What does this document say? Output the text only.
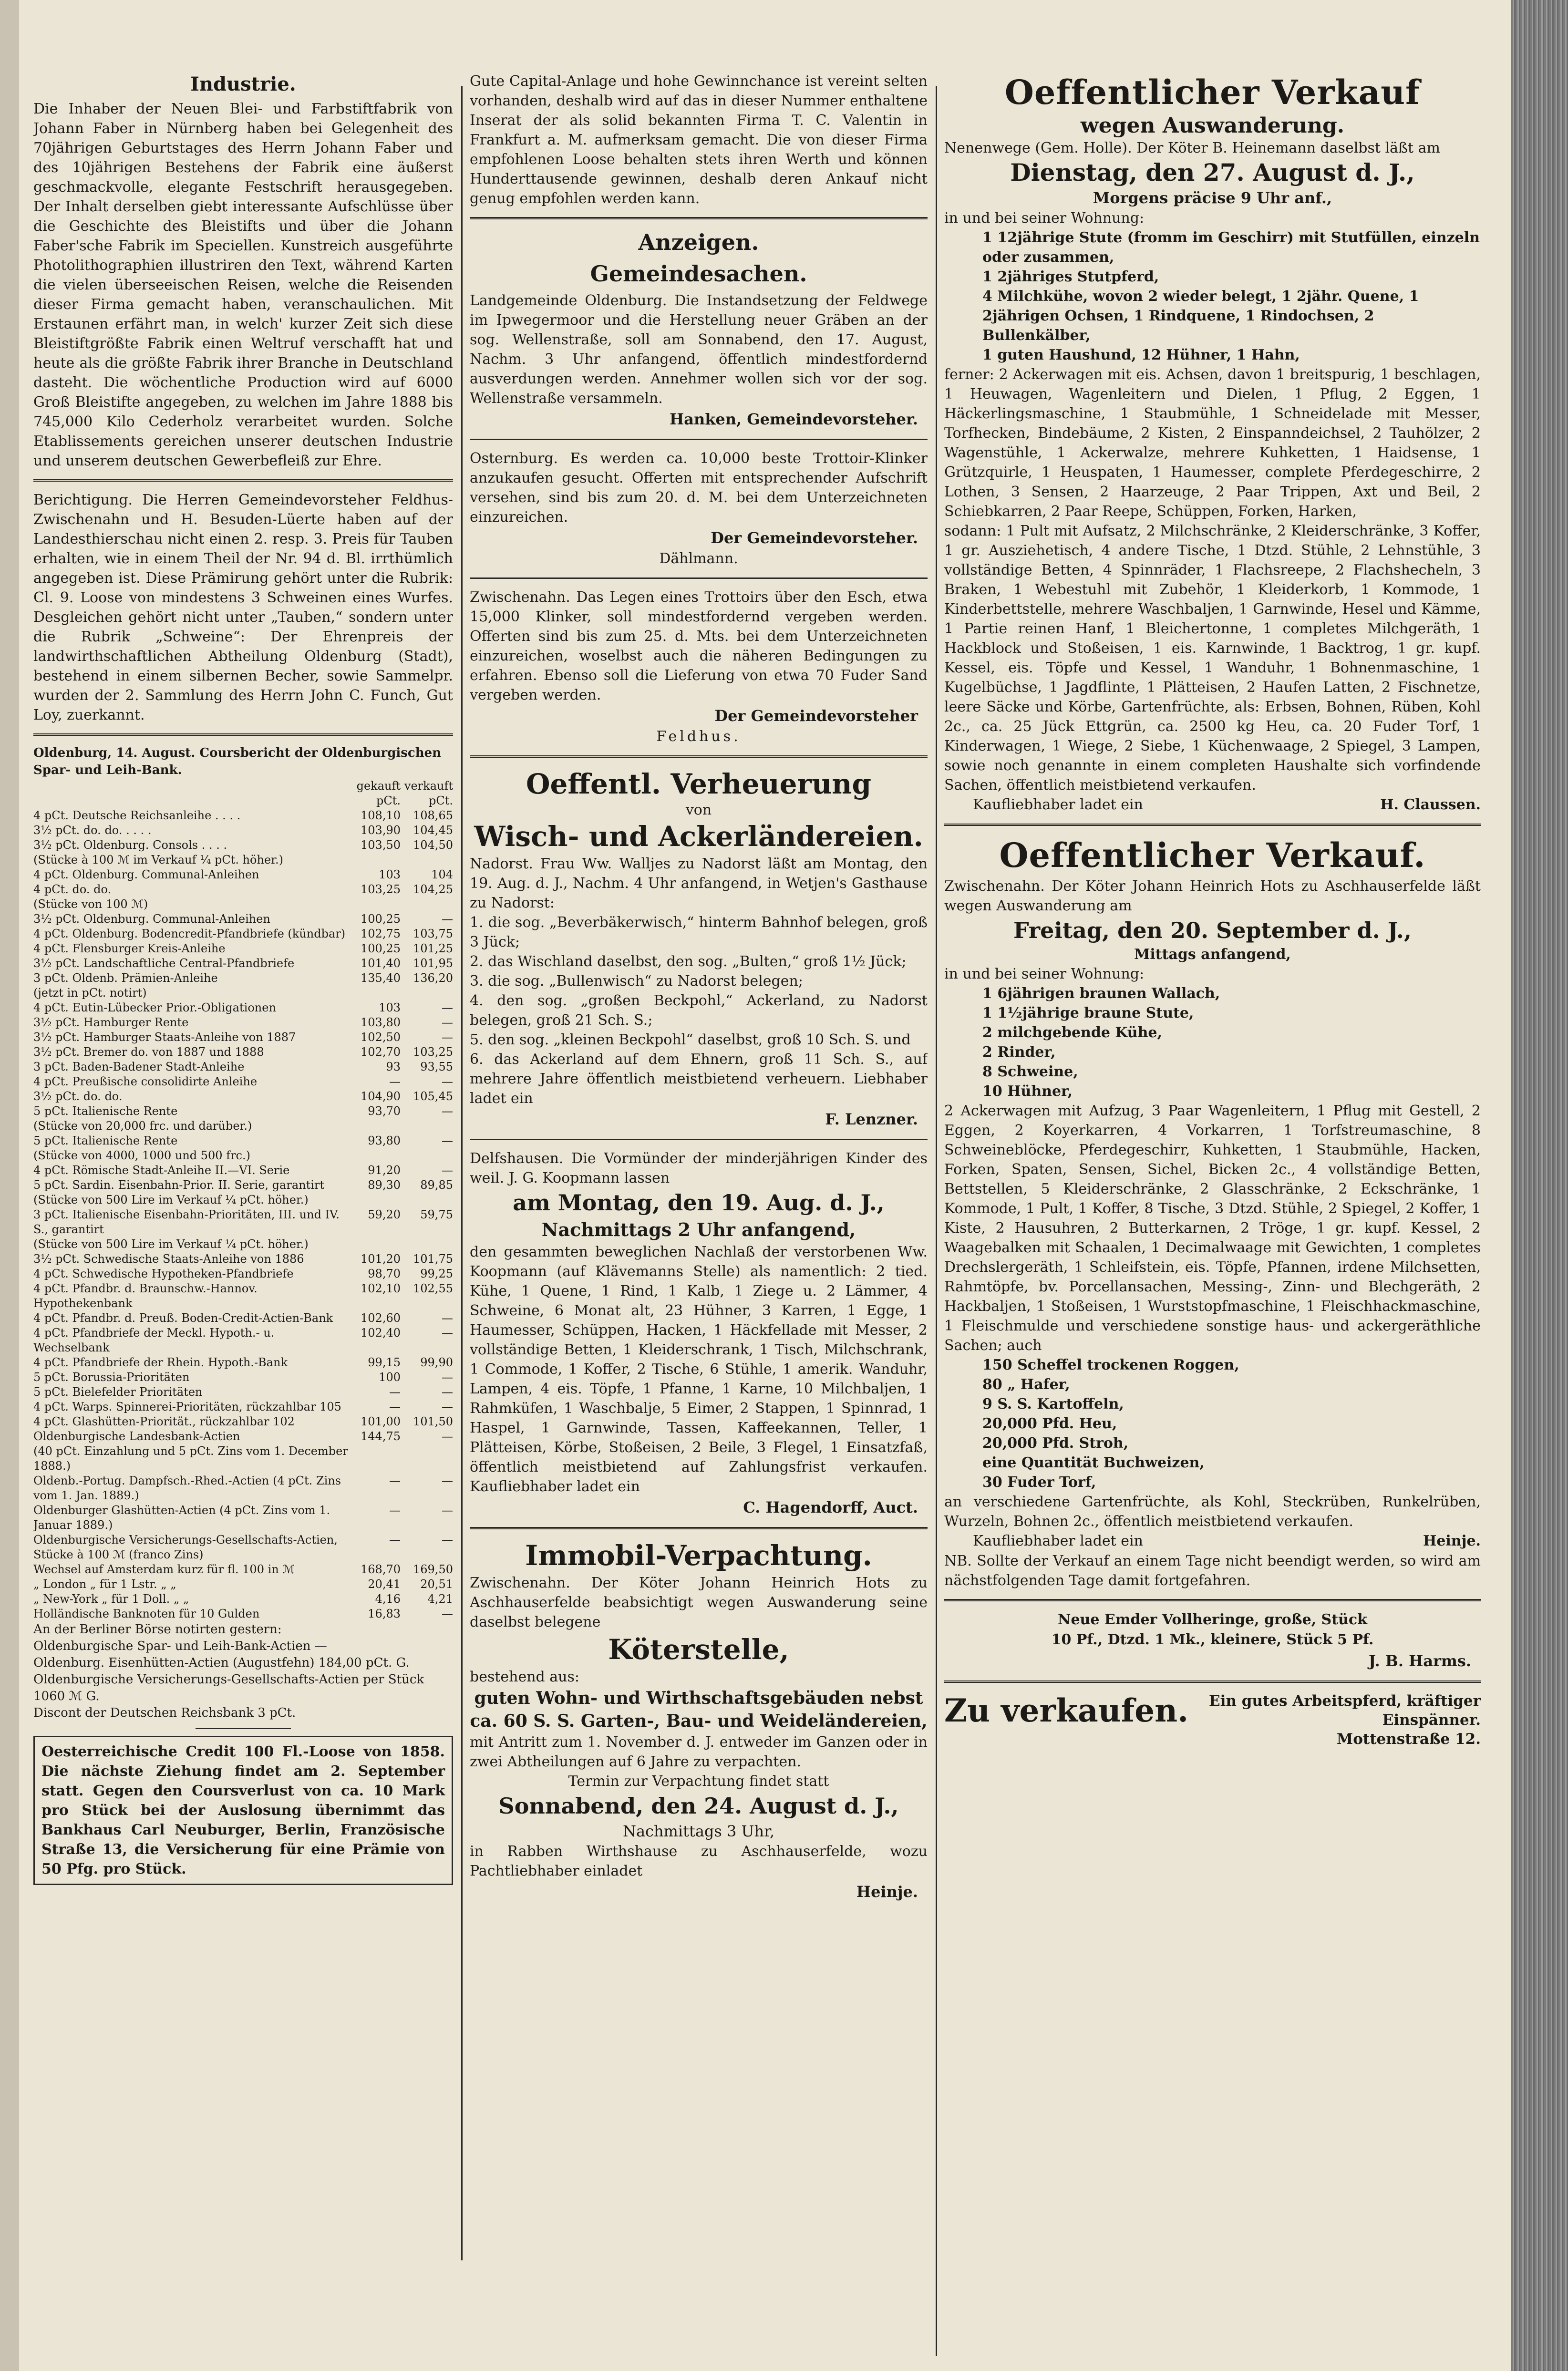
Industrie.

Die Inhaber der Neuen Blei- und Farbstiftfabrik von Johann Faber in Nürnberg haben bei Gelegenheit des 70jährigen Geburtstages des Herrn Johann Faber und des 10jährigen Bestehens der Fabrik eine äußerst geschmackvolle, elegante Festschrift herausgegeben. Der Inhalt derselben giebt interessante Aufschlüsse über die Geschichte des Bleistifts und über die Johann Faber'sche Fabrik im Speciellen. Kunstreich ausgeführte Photolithographien illustriren den Text, während Karten die vielen überseeischen Reisen, welche die Reisenden dieser Firma gemacht haben, veranschaulichen. Mit Erstaunen erfährt man, in welch' kurzer Zeit sich diese Bleistiftgrößte Fabrik einen Weltruf verschafft hat und heute als die größte Fabrik ihrer Branche in Deutschland dasteht. Die wöchentliche Production wird auf 6000 Groß Bleistifte angegeben, zu welchen im Jahre 1888 bis 745,000 Kilo Cederholz verarbeitet wurden. Solche Etablissements gereichen unserer deutschen Industrie und unserem deutschen Gewerbefleiß zur Ehre.

Berichtigung. Die Herren Gemeindevorsteher Feldhus-Zwischenahn und H. Besuden-Lüerte haben auf der Landesthierschau nicht einen 2. resp. 3. Preis für Tauben erhalten, wie in einem Theil der Nr. 94 d. Bl. irrthümlich angegeben ist. Diese Prämirung gehört unter die Rubrik: Cl. 9. Loose von mindestens 3 Schweinen eines Wurfes. Desgleichen gehört nicht unter „Tauben,“ sondern unter die Rubrik „Schweine“: Der Ehrenpreis der landwirthschaftlichen Abtheilung Oldenburg (Stadt), bestehend in einem silbernen Becher, sowie Sammelpr. wurden der 2. Sammlung des Herrn John C. Funch, Gut Loy, zuerkannt.

Oldenburg, 14. August. Coursbericht der Oldenburgischen Spar- und Leih-Bank.
	gekauft	verkauft
	pCt.	pCt.
4 pCt. Deutsche Reichsanleihe . . . .	108,10	108,65
3½ pCt. do. do. . . . .	103,90	104,45
3½ pCt. Oldenburg. Consols . . . .	103,50	104,50
(Stücke à 100 ℳ im Verkauf ¼ pCt. höher.)		
4 pCt. Oldenburg. Communal-Anleihen	103	104
4 pCt. do. do.	103,25	104,25
(Stücke von 100 ℳ)		
3½ pCt. Oldenburg. Communal-Anleihen	100,25	—
4 pCt. Oldenburg. Bodencredit-Pfandbriefe (kündbar)	102,75	103,75
4 pCt. Flensburger Kreis-Anleihe	100,25	101,25
3½ pCt. Landschaftliche Central-Pfandbriefe	101,40	101,95
3 pCt. Oldenb. Prämien-Anleihe	135,40	136,20
(jetzt in pCt. notirt)		
4 pCt. Eutin-Lübecker Prior.-Obligationen	103	—
3½ pCt. Hamburger Rente	103,80	—
3½ pCt. Hamburger Staats-Anleihe von 1887	102,50	—
3½ pCt. Bremer do. von 1887 und 1888	102,70	103,25
3 pCt. Baden-Badener Stadt-Anleihe	93	93,55
4 pCt. Preußische consolidirte Anleihe	—	—
3½ pCt. do. do.	104,90	105,45
5 pCt. Italienische Rente	93,70	—
(Stücke von 20,000 frc. und darüber.)		
5 pCt. Italienische Rente	93,80	—
(Stücke von 4000, 1000 und 500 frc.)		
4 pCt. Römische Stadt-Anleihe II.—VI. Serie	91,20	—
5 pCt. Sardin. Eisenbahn-Prior. II. Serie, garantirt	89,30	89,85
(Stücke von 500 Lire im Verkauf ¼ pCt. höher.)		
3 pCt. Italienische Eisenbahn-Prioritäten, III. und IV. S., garantirt	59,20	59,75
(Stücke von 500 Lire im Verkauf ¼ pCt. höher.)		
3½ pCt. Schwedische Staats-Anleihe von 1886	101,20	101,75
4 pCt. Schwedische Hypotheken-Pfandbriefe	98,70	99,25
4 pCt. Pfandbr. d. Braunschw.-Hannov. Hypothekenbank	102,10	102,55
4 pCt. Pfandbr. d. Preuß. Boden-Credit-Actien-Bank	102,60	—
4 pCt. Pfandbriefe der Meckl. Hypoth.- u. Wechselbank	102,40	—
4 pCt. Pfandbriefe der Rhein. Hypoth.-Bank	99,15	99,90
5 pCt. Borussia-Prioritäten	100	—
5 pCt. Bielefelder Prioritäten	—	—
4 pCt. Warps. Spinnerei-Prioritäten, rückzahlbar 105	—	—
4 pCt. Glashütten-Priorität., rückzahlbar 102	101,00	101,50
Oldenburgische Landesbank-Actien	144,75	—
(40 pCt. Einzahlung und 5 pCt. Zins vom 1. December 1888.)		
Oldenb.-Portug. Dampfsch.-Rhed.-Actien (4 pCt. Zins vom 1. Jan. 1889.)	—	—
Oldenburger Glashütten-Actien (4 pCt. Zins vom 1. Januar 1889.)	—	—
Oldenburgische Versicherungs-Gesellschafts-Actien, Stücke à 100 ℳ (franco Zins)	—	—
Wechsel auf Amsterdam kurz für fl. 100 in ℳ	168,70	169,50
„ London „ für 1 Lstr. „ „	20,41	20,51
„ New-York „ für 1 Doll. „ „	4,16	4,21
Holländische Banknoten für 10 Gulden	16,83	—
An der Berliner Börse notirten gestern:
Oldenburgische Spar- und Leih-Bank-Actien —
Oldenburg. Eisenhütten-Actien (Augustfehn) 184,00 pCt. G.
Oldenburgische Versicherungs-Gesellschafts-Actien per Stück 1060 ℳ G.
Discont der Deutschen Reichsbank 3 pCt.

Oesterreichische Credit 100 Fl.-Loose von 1858. Die nächste Ziehung findet am 2. September statt. Gegen den Coursverlust von ca. 10 Mark pro Stück bei der Auslosung übernimmt das Bankhaus Carl Neuburger, Berlin, Französische Straße 13, die Versicherung für eine Prämie von 50 Pfg. pro Stück.

Gute Capital-Anlage und hohe Gewinnchance ist vereint selten vorhanden, deshalb wird auf das in dieser Nummer enthaltene Inserat der als solid bekannten Firma T. C. Valentin in Frankfurt a. M. aufmerksam gemacht. Die von dieser Firma empfohlenen Loose behalten stets ihren Werth und können Hunderttausende gewinnen, deshalb deren Ankauf nicht genug empfohlen werden kann.

Anzeigen.
Gemeindesachen.

Landgemeinde Oldenburg. Die Instandsetzung der Feldwege im Ipwegermoor und die Herstellung neuer Gräben an der sog. Wellenstraße, soll am Sonnabend, den 17. August, Nachm. 3 Uhr anfangend, öffentlich mindestfordernd ausverdungen werden. Annehmer wollen sich vor der sog. Wellenstraße versammeln.

Hanken, Gemeindevorsteher.

Osternburg. Es werden ca. 10,000 beste Trottoir-Klinker anzukaufen gesucht. Offerten mit entsprechender Aufschrift versehen, sind bis zum 20. d. M. bei dem Unterzeichneten einzureichen.

Der Gemeindevorsteher.
Dählmann.

Zwischenahn. Das Legen eines Trottoirs über den Esch, etwa 15,000 Klinker, soll mindestfordernd vergeben werden. Offerten sind bis zum 25. d. Mts. bei dem Unterzeichneten einzureichen, woselbst auch die näheren Bedingungen zu erfahren. Ebenso soll die Lieferung von etwa 70 Fuder Sand vergeben werden.

Der Gemeindevorsteher
Feldhus.
Oeffentl. Verheuerung
von
Wisch- und Ackerländereien.

Nadorst. Frau Ww. Walljes zu Nadorst läßt am Montag, den 19. Aug. d. J., Nachm. 4 Uhr anfangend, in Wetjen's Gasthause zu Nadorst:

1. die sog. „Beverbäkerwisch,“ hinterm Bahnhof belegen, groß 3 Jück;

2. das Wischland daselbst, den sog. „Bulten,“ groß 1½ Jück;

3. die sog. „Bullenwisch“ zu Nadorst belegen;

4. den sog. „großen Beckpohl,“ Ackerland, zu Nadorst belegen, groß 21 Sch. S.;

5. den sog. „kleinen Beckpohl“ daselbst, groß 10 Sch. S. und

6. das Ackerland auf dem Ehnern, groß 11 Sch. S., auf mehrere Jahre öffentlich meistbietend verheuern. Liebhaber ladet ein

F. Lenzner.

Delfshausen. Die Vormünder der minderjährigen Kinder des weil. J. G. Koopmann lassen

am Montag, den 19. Aug. d. J.,
Nachmittags 2 Uhr anfangend,

den gesammten beweglichen Nachlaß der verstorbenen Ww. Koopmann (auf Klävemanns Stelle) als namentlich: 2 tied. Kühe, 1 Quene, 1 Rind, 1 Kalb, 1 Ziege u. 2 Lämmer, 4 Schweine, 6 Monat alt, 23 Hühner, 3 Karren, 1 Egge, 1 Haumesser, Schüppen, Hacken, 1 Häckfellade mit Messer, 2 vollständige Betten, 1 Kleiderschrank, 1 Tisch, Milchschrank, 1 Commode, 1 Koffer, 2 Tische, 6 Stühle, 1 amerik. Wanduhr, Lampen, 4 eis. Töpfe, 1 Pfanne, 1 Karne, 10 Milchbaljen, 1 Rahmküfen, 1 Waschbalje, 5 Eimer, 2 Stappen, 1 Spinnrad, 1 Haspel, 1 Garnwinde, Tassen, Kaffeekannen, Teller, 1 Plätteisen, Körbe, Stoßeisen, 2 Beile, 3 Flegel, 1 Einsatzfaß, öffentlich meistbietend auf Zahlungsfrist verkaufen. Kaufliebhaber ladet ein

C. Hagendorff, Auct.
Immobil-Verpachtung.

Zwischenahn. Der Köter Johann Heinrich Hots zu Aschhauserfelde beabsichtigt wegen Auswanderung seine daselbst belegene

Köterstelle,

bestehend aus:

guten Wohn- und Wirthschaftsgebäuden nebst ca. 60 S. S. Garten-, Bau- und Weideländereien,

mit Antritt zum 1. November d. J. entweder im Ganzen oder in zwei Abtheilungen auf 6 Jahre zu verpachten.

Termin zur Verpachtung findet statt

Sonnabend, den 24. August d. J.,
Nachmittags 3 Uhr,

in Rabben Wirthshause zu Aschhauserfelde, wozu Pachtliebhaber einladet

Heinje.
Oeffentlicher Verkauf
wegen Auswanderung.

Nenenwege (Gem. Holle). Der Köter B. Heinemann daselbst läßt am

Dienstag, den 27. August d. J.,
Morgens präcise 9 Uhr anf.,

in und bei seiner Wohnung:

1 12jährige Stute (fromm im Geschirr) mit Stutfüllen, einzeln oder zusammen,

1 2jähriges Stutpferd,

4 Milchkühe, wovon 2 wieder belegt, 1 2jähr. Quene, 1 2jährigen Ochsen, 1 Rindquene, 1 Rindochsen, 2 Bullenkälber,

1 guten Haushund, 12 Hühner, 1 Hahn,

ferner: 2 Ackerwagen mit eis. Achsen, davon 1 breitspurig, 1 beschlagen, 1 Heuwagen, Wagenleitern und Dielen, 1 Pflug, 2 Eggen, 1 Häckerlingsmaschine, 1 Staubmühle, 1 Schneidelade mit Messer, Torfhecken, Bindebäume, 2 Kisten, 2 Einspanndeichsel, 2 Tauhölzer, 2 Wagenstühle, 1 Ackerwalze, mehrere Kuhketten, 1 Haidsense, 1 Grützquirle, 1 Heuspaten, 1 Haumesser, complete Pferdegeschirre, 2 Lothen, 3 Sensen, 2 Haarzeuge, 2 Paar Trippen, Axt und Beil, 2 Schiebkarren, 2 Paar Reepe, Schüppen, Forken, Harken,

sodann: 1 Pult mit Aufsatz, 2 Milchschränke, 2 Kleiderschränke, 3 Koffer, 1 gr. Ausziehetisch, 4 andere Tische, 1 Dtzd. Stühle, 2 Lehnstühle, 3 vollständige Betten, 4 Spinnräder, 1 Flachsreepe, 2 Flachshecheln, 3 Braken, 1 Webestuhl mit Zubehör, 1 Kleiderkorb, 1 Kommode, 1 Kinderbettstelle, mehrere Waschbaljen, 1 Garnwinde, Hesel und Kämme, 1 Partie reinen Hanf, 1 Bleichertonne, 1 completes Milchgeräth, 1 Hackblock und Stoßeisen, 1 eis. Karnwinde, 1 Backtrog, 1 gr. kupf. Kessel, eis. Töpfe und Kessel, 1 Wanduhr, 1 Bohnenmaschine, 1 Kugelbüchse, 1 Jagdflinte, 1 Plätteisen, 2 Haufen Latten, 2 Fischnetze, leere Säcke und Körbe, Gartenfrüchte, als: Erbsen, Bohnen, Rüben, Kohl 2c., ca. 25 Jück Ettgrün, ca. 2500 kg Heu, ca. 20 Fuder Torf, 1 Kinderwagen, 1 Wiege, 2 Siebe, 1 Küchenwaage, 2 Spiegel, 3 Lampen, sowie noch genannte in einem completen Haushalte sich vorfindende Sachen, öffentlich meistbietend verkaufen.

Kaufliebhaber ladet ein	H. Claussen.
Oeffentlicher Verkauf.

Zwischenahn. Der Köter Johann Heinrich Hots zu Aschhauserfelde läßt wegen Auswanderung am

Freitag, den 20. September d. J.,
Mittags anfangend,

in und bei seiner Wohnung:

1 6jährigen braunen Wallach,

1 1½jährige braune Stute,

2 milchgebende Kühe,

2 Rinder,

8 Schweine,

10 Hühner,

2 Ackerwagen mit Aufzug, 3 Paar Wagenleitern, 1 Pflug mit Gestell, 2 Eggen, 2 Koyerkarren, 4 Vorkarren, 1 Torfstreumaschine, 8 Schweineblöcke, Pferdegeschirr, Kuhketten, 1 Staubmühle, Hacken, Forken, Spaten, Sensen, Sichel, Bicken 2c., 4 vollständige Betten, Bettstellen, 5 Kleiderschränke, 2 Glasschränke, 2 Eckschränke, 1 Kommode, 1 Pult, 1 Koffer, 8 Tische, 3 Dtzd. Stühle, 2 Spiegel, 2 Koffer, 1 Kiste, 2 Hausuhren, 2 Butterkarnen, 2 Tröge, 1 gr. kupf. Kessel, 2 Waagebalken mit Schaalen, 1 Decimalwaage mit Gewichten, 1 completes Drechslergeräth, 1 Schleifstein, eis. Töpfe, Pfannen, irdene Milchsetten, Rahmtöpfe, bv. Porcellansachen, Messing-, Zinn- und Blechgeräth, 2 Hackbaljen, 1 Stoßeisen, 1 Wurststopfmaschine, 1 Fleischhackmaschine, 1 Fleischmulde und verschiedene sonstige haus- und ackergeräthliche Sachen; auch

150 Scheffel trockenen Roggen,

80 „ Hafer,

9 S. S. Kartoffeln,

20,000 Pfd. Heu,

20,000 Pfd. Stroh,

eine Quantität Buchweizen,

30 Fuder Torf,

an verschiedene Gartenfrüchte, als Kohl, Steckrüben, Runkelrüben, Wurzeln, Bohnen 2c., öffentlich meistbietend verkaufen.

Kaufliebhaber ladet ein	Heinje.

NB. Sollte der Verkauf an einem Tage nicht beendigt werden, so wird am nächstfolgenden Tage damit fortgefahren.

Neue Emder Vollheringe, große, Stück
10 Pf., Dtzd. 1 Mk., kleinere, Stück 5 Pf.
J. B. Harms.
Zu verkaufen.	Ein gutes Arbeitspferd, kräftiger Einspänner.
Mottenstraße 12.
